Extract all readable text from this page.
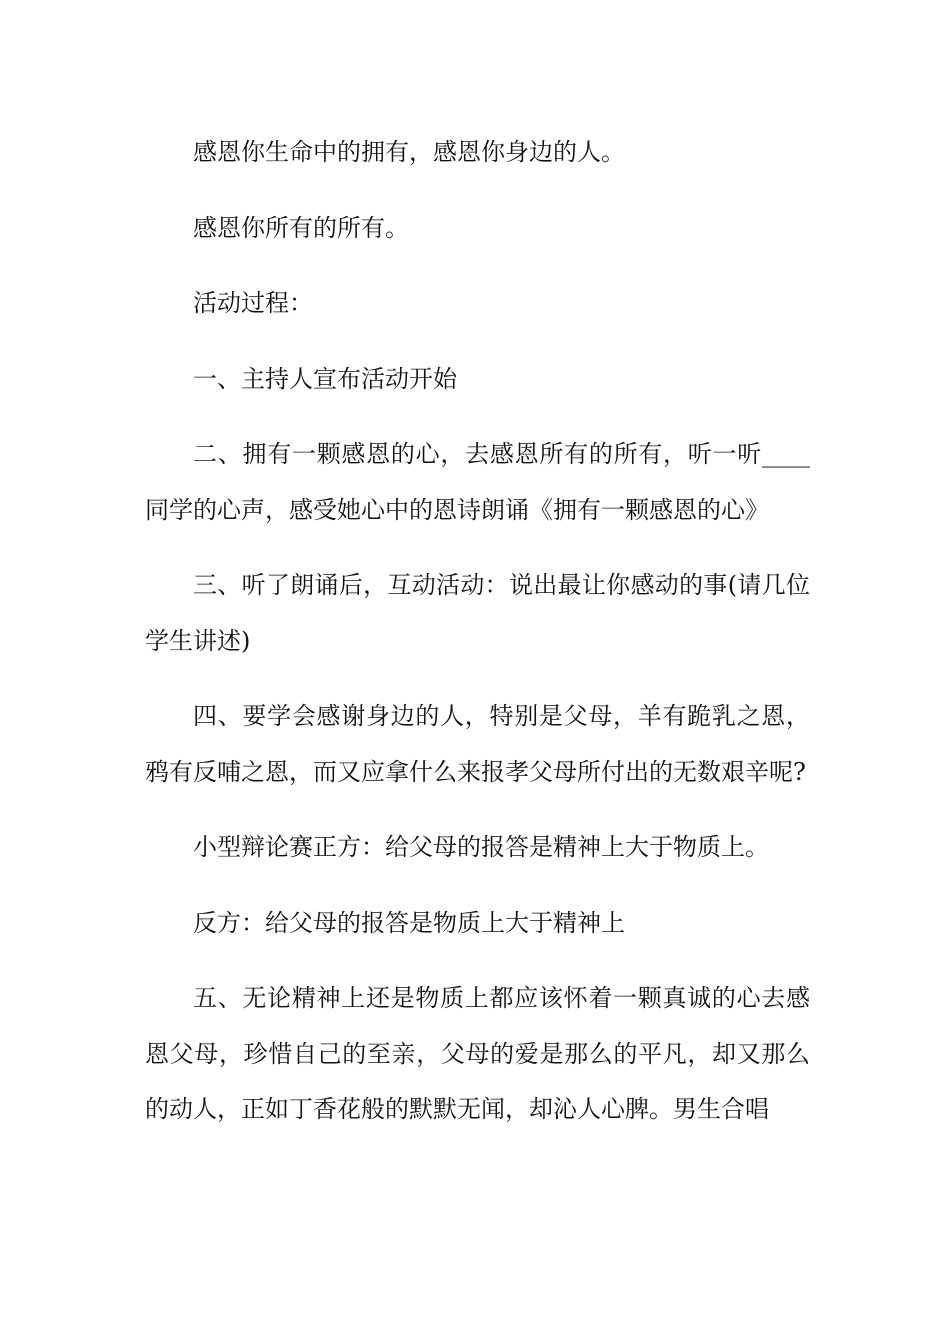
感恩你生命中的拥有，感恩你身边的人。

感恩你所有的所有。

活动过程：

一、主持人宣布活动开始

二、拥有一颗感恩的心，去感恩所有的所有，听一听____同学的心声，感受她心中的恩诗朗诵《拥有一颗感恩的心》

三、听了朗诵后，互动活动：说出最让你感动的事(请几位学生讲述)

四、要学会感谢身边的人，特别是父母，羊有跪乳之恩，鸦有反哺之恩，而又应拿什么来报孝父母所付出的无数艰辛呢?

小型辩论赛正方：给父母的报答是精神上大于物质上。

反方：给父母的报答是物质上大于精神上

五、无论精神上还是物质上都应该怀着一颗真诚的心去感恩父母，珍惜自己的至亲，父母的爱是那么的平凡，却又那么的动人，正如丁香花般的默默无闻，却沁人心脾。男生合唱
